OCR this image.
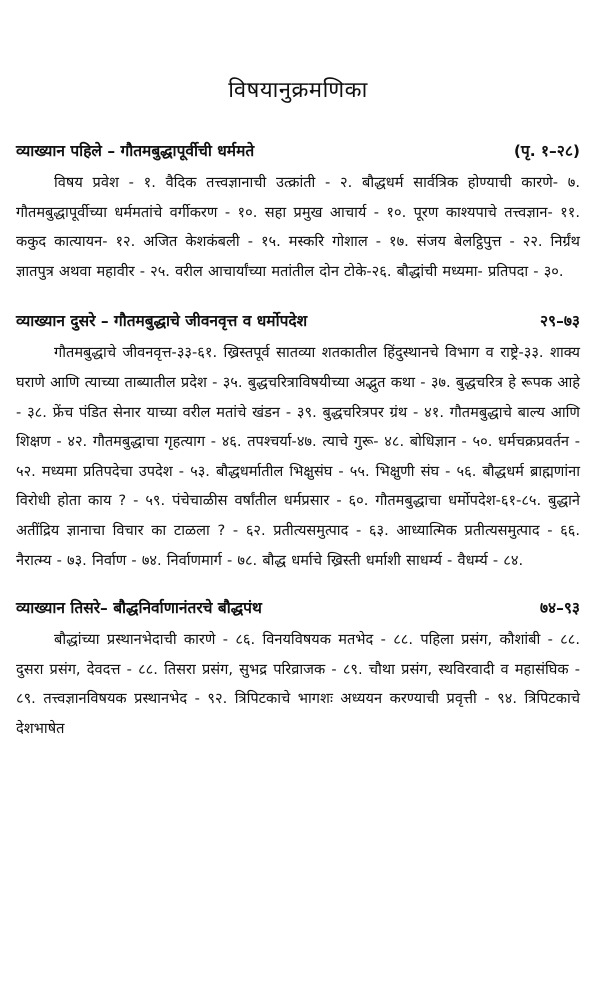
विषयानुक्रमणिका
व्याख्यान पहिले – गौतमबुद्धापूर्वीची धर्ममते	(पृ. १–२८)

विषय प्रवेश - १. वैदिक तत्त्वज्ञानाची उत्क्रांती - २. बौद्धधर्म सार्वत्रिक होण्याची कारणे- ७. गौतमबुद्धापूर्वीच्या धर्ममतांचे वर्गीकरण - १०. सहा प्रमुख आचार्य - १०. पूरण काश्यपाचे तत्त्वज्ञान- ११. ककुद कात्यायन- १२. अजित केशकंबली - १५. मस्करि गोशाल - १७. संजय बेलट्ठिपुत्त - २२. निर्ग्रंथ ज्ञातपुत्र अथवा महावीर - २५. वरील आचार्यांच्या मतांतील दोन टोके-२६. बौद्धांची मध्यमा- प्रतिपदा - ३०.

व्याख्यान दुसरे – गौतमबुद्धाचे जीवनवृत्त व धर्मोपदेश	२९–७३

गौतमबुद्धाचे जीवनवृत्त-३३-६१. ख्रिस्तपूर्व सातव्या शतकातील हिंदुस्थानचे विभाग व राष्ट्रे-३३. शाक्य घराणे आणि त्याच्या ताब्यातील प्रदेश - ३५. बुद्धचरित्राविषयीच्या अद्भुत कथा - ३७. बुद्धचरित्र हे रूपक आहे - ३८. फ्रेंच पंडित सेनार याच्या वरील मतांचे खंडन - ३९. बुद्धचरित्रपर ग्रंथ - ४१. गौतमबुद्धाचे बाल्य आणि शिक्षण - ४२. गौतमबुद्धाचा गृहत्याग - ४६. तपश्चर्या-४७. त्याचे गुरू- ४८. बोधिज्ञान - ५०. धर्मचक्रप्रवर्तन - ५२. मध्यमा प्रतिपदेचा उपदेश - ५३. बौद्धधर्मातील भिक्षुसंघ - ५५. भिक्षुणी संघ - ५६. बौद्धधर्म ब्राह्मणांना विरोधी होता काय ? - ५९. पंचेचाळीस वर्षांतील धर्मप्रसार - ६०. गौतमबुद्धाचा धर्मोपदेश-६१-८५. बुद्धाने अतींद्रिय ज्ञानाचा विचार का टाळला ? - ६२. प्रतीत्यसमुत्पाद - ६३. आध्यात्मिक प्रतीत्यसमुत्पाद - ६६. नैरात्म्य - ७३. निर्वाण - ७४. निर्वाणमार्ग - ७८. बौद्ध धर्माचे ख्रिस्ती धर्माशी साधर्म्य - वैधर्म्य - ८४.

व्याख्यान तिसरे– बौद्धनिर्वाणानंतरचे बौद्धपंथ	७४–९३

बौद्धांच्या प्रस्थानभेदाची कारणे - ८६. विनयविषयक मतभेद - ८८. पहिला प्रसंग, कौशांबी - ८८. दुसरा प्रसंग, देवदत्त - ८८. तिसरा प्रसंग, सुभद्र परिव्राजक - ८९. चौथा प्रसंग, स्थविरवादी व महासंघिक - ८९. तत्त्वज्ञानविषयक प्रस्थानभेद - ९२. त्रिपिटकाचे भागशः अध्ययन करण्याची प्रवृत्ती - ९४. त्रिपिटकाचे देशभाषेत
